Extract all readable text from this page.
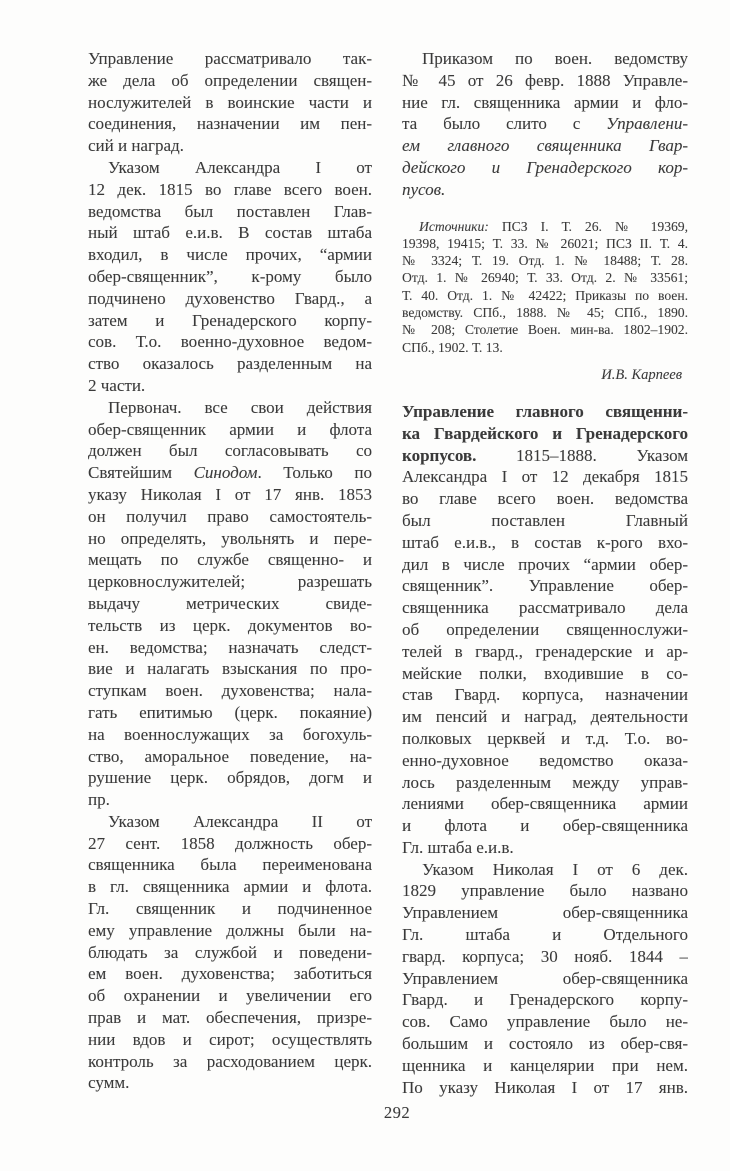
Управление рассматривало так-
же дела об определении священ-
нослужителей в воинские части и
соединения, назначении им пен-
сий и наград.
Указом Александра I от
12 дек. 1815 во главе всего воен.
ведомства был поставлен Глав-
ный штаб е.и.в. В состав штаба
входил, в числе прочих, “армии
обер-священник”, к-рому было
подчинено духовенство Гвард., а
затем и Гренадерского корпу-
сов. Т.о. военно-духовное ведом-
ство оказалось разделенным на
2 части.
Первонач. все свои действия
обер-священник армии и флота
должен был согласовывать со
Святейшим Синодом. Только по
указу Николая I от 17 янв. 1853
он получил право самостоятель-
но определять, увольнять и пере-
мещать по службе священно- и
церковнослужителей; разрешать
выдачу метрических свиде-
тельств из церк. документов во-
ен. ведомства; назначать следст-
вие и налагать взыскания по про-
ступкам воен. духовенства; нала-
гать епитимью (церк. покаяние)
на военнослужащих за богохуль-
ство, аморальное поведение, на-
рушение церк. обрядов, догм и
пр.
Указом Александра II от
27 сент. 1858 должность обер-
священника была переименована
в гл. священника армии и флота.
Гл. священник и подчиненное
ему управление должны были на-
блюдать за службой и поведени-
ем воен. духовенства; заботиться
об охранении и увеличении его
прав и мат. обеспечения, призре-
нии вдов и сирот; осуществлять
контроль за расходованием церк.
сумм.
Приказом по воен. ведомству
№ 45 от 26 февр. 1888 Управле-
ние гл. священника армии и фло-
та было слито с Управлени-
ем главного священника Гвар-
дейского и Гренадерского кор-
пусов.
Источники: ПСЗ I. Т. 26. № 19369,
19398, 19415; Т. 33. № 26021; ПСЗ II. Т. 4.
№ 3324; Т. 19. Отд. 1. № 18488; Т. 28.
Отд. 1. № 26940; Т. 33. Отд. 2. № 33561;
Т. 40. Отд. 1. № 42422; Приказы по воен.
ведомству. СПб., 1888. № 45; СПб., 1890.
№ 208; Столетие Воен. мин-ва. 1802–1902.
СПб., 1902. Т. 13.
И.В. Карпеев
Управление главного священни-
ка Гвардейского и Гренадерского
корпусов. 1815–1888. Указом
Александра I от 12 декабря 1815
во главе всего воен. ведомства
был поставлен Главный
штаб е.и.в., в состав к-рого вхо-
дил в числе прочих “армии обер-
священник”. Управление обер-
священника рассматривало дела
об определении священнослужи-
телей в гвард., гренадерские и ар-
мейские полки, входившие в со-
став Гвард. корпуса, назначении
им пенсий и наград, деятельности
полковых церквей и т.д. Т.о. во-
енно-духовное ведомство оказа-
лось разделенным между управ-
лениями обер-священника армии
и флота и обер-священника
Гл. штаба е.и.в.
Указом Николая I от 6 дек.
1829 управление было названо
Управлением обер-священника
Гл. штаба и Отдельного
гвард. корпуса; 30 нояб. 1844 –
Управлением обер-священника
Гвард. и Гренадерского корпу-
сов. Само управление было не-
большим и состояло из обер-свя-
щенника и канцелярии при нем.
По указу Николая I от 17 янв.
292
